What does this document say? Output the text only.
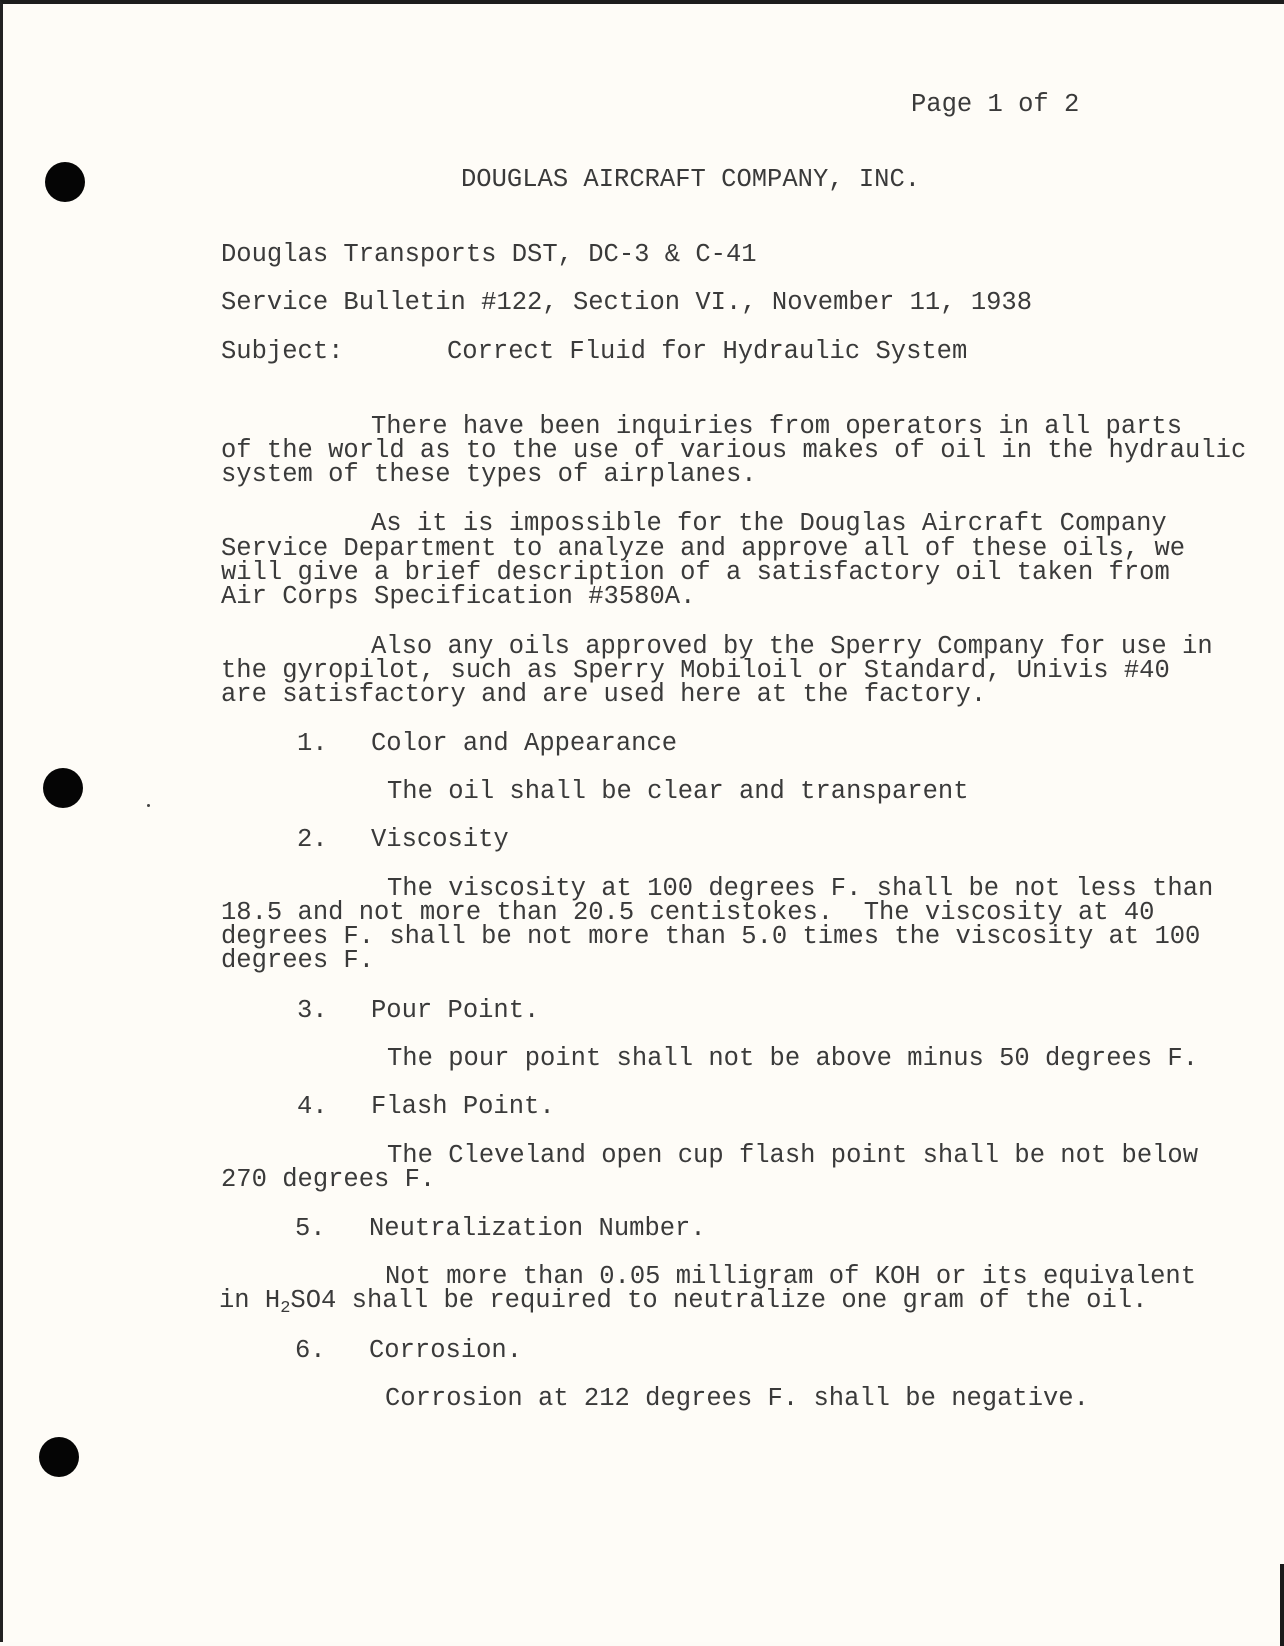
Page 1 of 2
DOUGLAS AIRCRAFT COMPANY, INC.
Douglas Transports DST, DC-3 & C-41
Service Bulletin #122, Section VI., November 11, 1938
Subject:	Correct Fluid for Hydraulic System
There have been inquiries from operators in all parts
of the world as to the use of various makes of oil in the hydraulic
system of these types of airplanes.
As it is impossible for the Douglas Aircraft Company
Service Department to analyze and approve all of these oils, we
will give a brief description of a satisfactory oil taken from
Air Corps Specification #3580A.
Also any oils approved by the Sperry Company for use in
the gyropilot, such as Sperry Mobiloil or Standard, Univis #40
are satisfactory and are used here at the factory.
1. Color and Appearance
The oil shall be clear and transparent
2. Viscosity
The viscosity at 100 degrees F. shall be not less than
18.5 and not more than 20.5 centistokes.  The viscosity at 40
degrees F. shall be not more than 5.0 times the viscosity at 100
degrees F.
3. Pour Point.
The pour point shall not be above minus 50 degrees F.
4. Flash Point.
The Cleveland open cup flash point shall be not below
270 degrees F.
5. Neutralization Number.
Not more than 0.05 milligram of KOH or its equivalent
in $H_2SO4$ shall be required to neutralize one gram of the oil.
6. Corrosion.
Corrosion at 212 degrees F. shall be negative.
